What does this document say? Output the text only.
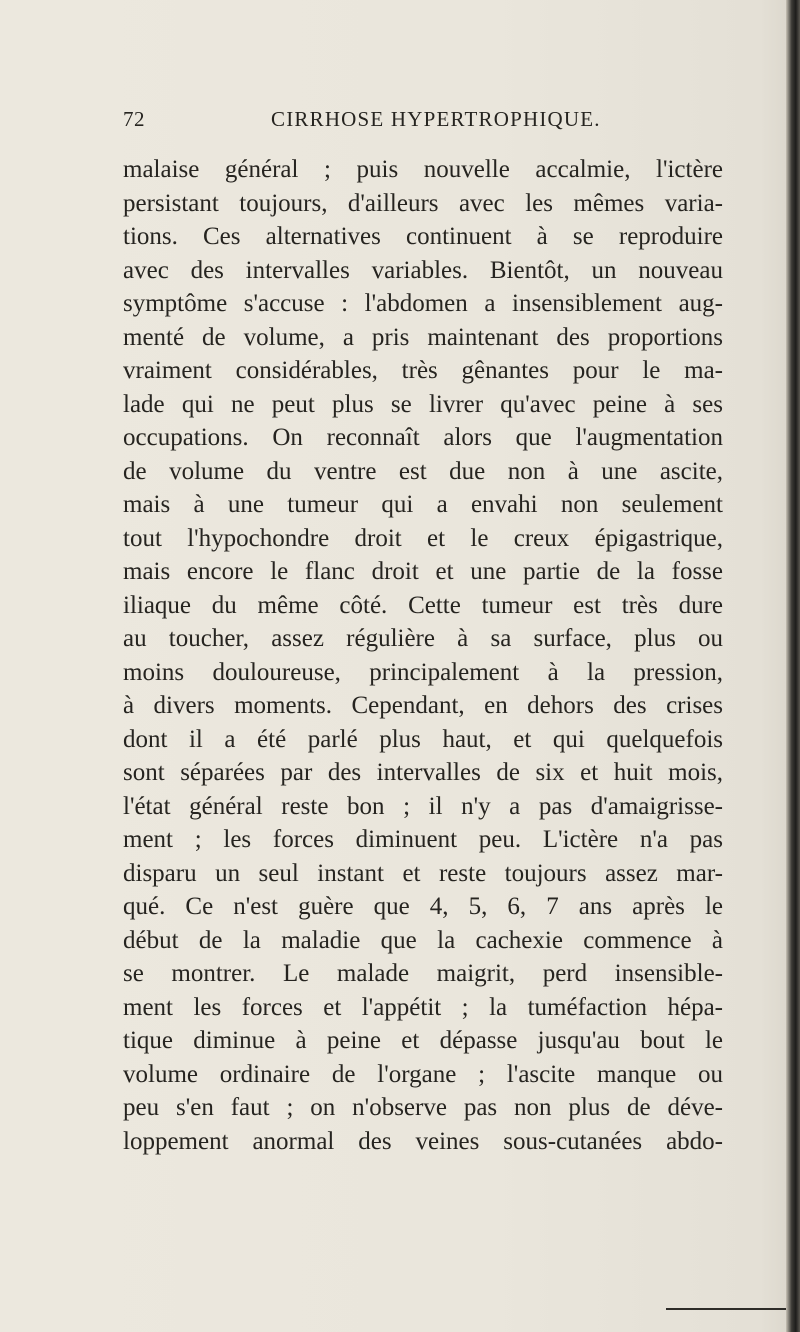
72	CIRRHOSE HYPERTROPHIQUE.
malaise général ; puis nouvelle accalmie, l'ictère
persistant toujours, d'ailleurs avec les mêmes varia-
tions. Ces alternatives continuent à se reproduire
avec des intervalles variables. Bientôt, un nouveau
symptôme s'accuse : l'abdomen a insensiblement aug-
menté de volume, a pris maintenant des proportions
vraiment considérables, très gênantes pour le ma-
lade qui ne peut plus se livrer qu'avec peine à ses
occupations. On reconnaît alors que l'augmentation
de volume du ventre est due non à une ascite,
mais à une tumeur qui a envahi non seulement
tout l'hypochondre droit et le creux épigastrique,
mais encore le flanc droit et une partie de la fosse
iliaque du même côté. Cette tumeur est très dure
au toucher, assez régulière à sa surface, plus ou
moins douloureuse, principalement à la pression,
à divers moments. Cependant, en dehors des crises
dont il a été parlé plus haut, et qui quelquefois
sont séparées par des intervalles de six et huit mois,
l'état général reste bon ; il n'y a pas d'amaigrisse-
ment ; les forces diminuent peu. L'ictère n'a pas
disparu un seul instant et reste toujours assez mar-
qué. Ce n'est guère que 4, 5, 6, 7 ans après le
début de la maladie que la cachexie commence à
se montrer. Le malade maigrit, perd insensible-
ment les forces et l'appétit ; la tuméfaction hépa-
tique diminue à peine et dépasse jusqu'au bout le
volume ordinaire de l'organe ; l'ascite manque ou
peu s'en faut ; on n'observe pas non plus de déve-
loppement anormal des veines sous-cutanées abdo-
